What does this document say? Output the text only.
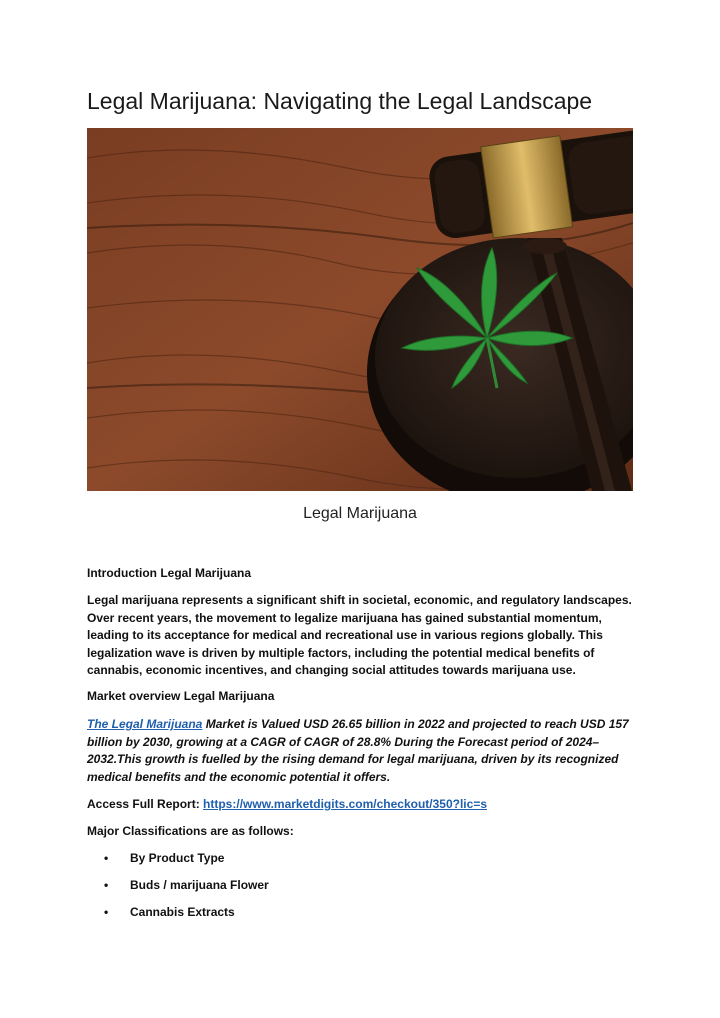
Legal Marijuana: Navigating the Legal Landscape
Legal Marijuana

Introduction Legal Marijuana

Legal marijuana represents a significant shift in societal, economic, and regulatory landscapes. Over recent years, the movement to legalize marijuana has gained substantial momentum, leading to its acceptance for medical and recreational use in various regions globally. This legalization wave is driven by multiple factors, including the potential medical benefits of cannabis, economic incentives, and changing social attitudes towards marijuana use.

Market overview Legal Marijuana

The Legal Marijuana Market is Valued USD 26.65 billion in 2022 and projected to reach USD 157 billion by 2030, growing at a CAGR of CAGR of 28.8% During the Forecast period of 2024–2032.This growth is fuelled by the rising demand for legal marijuana, driven by its recognized medical benefits and the economic potential it offers.

Access Full Report: https://www.marketdigits.com/checkout/350?lic=s

Major Classifications are as follows:

• By Product Type
• Buds / marijuana Flower
• Cannabis Extracts
